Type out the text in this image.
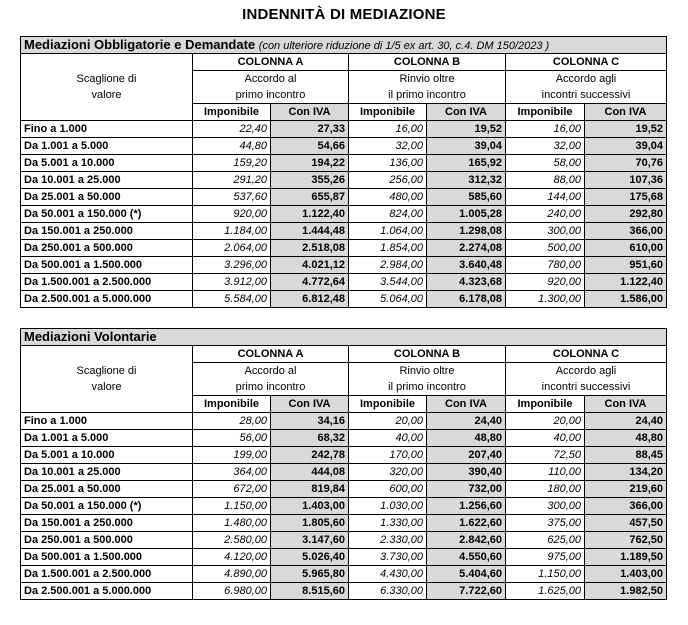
INDENNITÀ DI MEDIAZIONE
Mediazioni Obbligatorie e Demandate (con ulteriore riduzione di 1/5 ex art. 30, c.4. DM 150/2023 )						
	COLONNA A		COLONNA B		COLONNA C	
Scaglione di	Accordo al		Rinvio oltre		Accordo agli	
valore	primo incontro		il primo incontro		incontri successivi	
	Imponibile	Con IVA	Imponibile	Con IVA	Imponibile	Con IVA
Fino a 1.000	22,40	27,33	16,00	19,52	16,00	19,52
Da 1.001 a 5.000	44,80	54,66	32,00	39,04	32,00	39,04
Da 5.001 a 10.000	159,20	194,22	136,00	165,92	58,00	70,76
Da 10.001 a 25.000	291,20	355,26	256,00	312,32	88,00	107,36
Da 25.001 a 50.000	537,60	655,87	480,00	585,60	144,00	175,68
Da 50.001 a 150.000 (*)	920,00	1.122,40	824,00	1.005,28	240,00	292,80
Da 150.001 a 250.000	1.184,00	1.444,48	1.064,00	1.298,08	300,00	366,00
Da 250.001 a 500.000	2.064,00	2.518,08	1.854,00	2.274,08	500,00	610,00
Da 500.001 a 1.500.000	3.296,00	4.021,12	2.984,00	3.640,48	780,00	951,60
Da 1.500.001 a 2.500.000	3.912,00	4.772,64	3.544,00	4.323,68	920,00	1.122,40
Da 2.500.001 a 5.000.000	5.584,00	6.812,48	5.064,00	6.178,08	1.300,00	1.586,00
Mediazioni Volontarie						
	COLONNA A		COLONNA B		COLONNA C	
Scaglione di	Accordo al		Rinvio oltre		Accordo agli	
valore	primo incontro		il primo incontro		incontri successivi	
	Imponibile	Con IVA	Imponibile	Con IVA	Imponibile	Con IVA
Fino a 1.000	28,00	34,16	20,00	24,40	20,00	24,40
Da 1.001 a 5.000	56,00	68,32	40,00	48,80	40,00	48,80
Da 5.001 a 10.000	199,00	242,78	170,00	207,40	72,50	88,45
Da 10.001 a 25.000	364,00	444,08	320,00	390,40	110,00	134,20
Da 25.001 a 50.000	672,00	819,84	600,00	732,00	180,00	219,60
Da 50.001 a 150.000 (*)	1.150,00	1.403,00	1.030,00	1.256,60	300,00	366,00
Da 150.001 a 250.000	1.480,00	1.805,60	1.330,00	1.622,60	375,00	457,50
Da 250.001 a 500.000	2.580,00	3.147,60	2.330,00	2.842,60	625,00	762,50
Da 500.001 a 1.500.000	4.120,00	5.026,40	3.730,00	4.550,60	975,00	1.189,50
Da 1.500.001 a 2.500.000	4.890,00	5.965,80	4.430,00	5.404,60	1.150,00	1.403,00
Da 2.500.001 a 5.000.000	6.980,00	8.515,60	6.330,00	7.722,60	1.625,00	1.982,50
